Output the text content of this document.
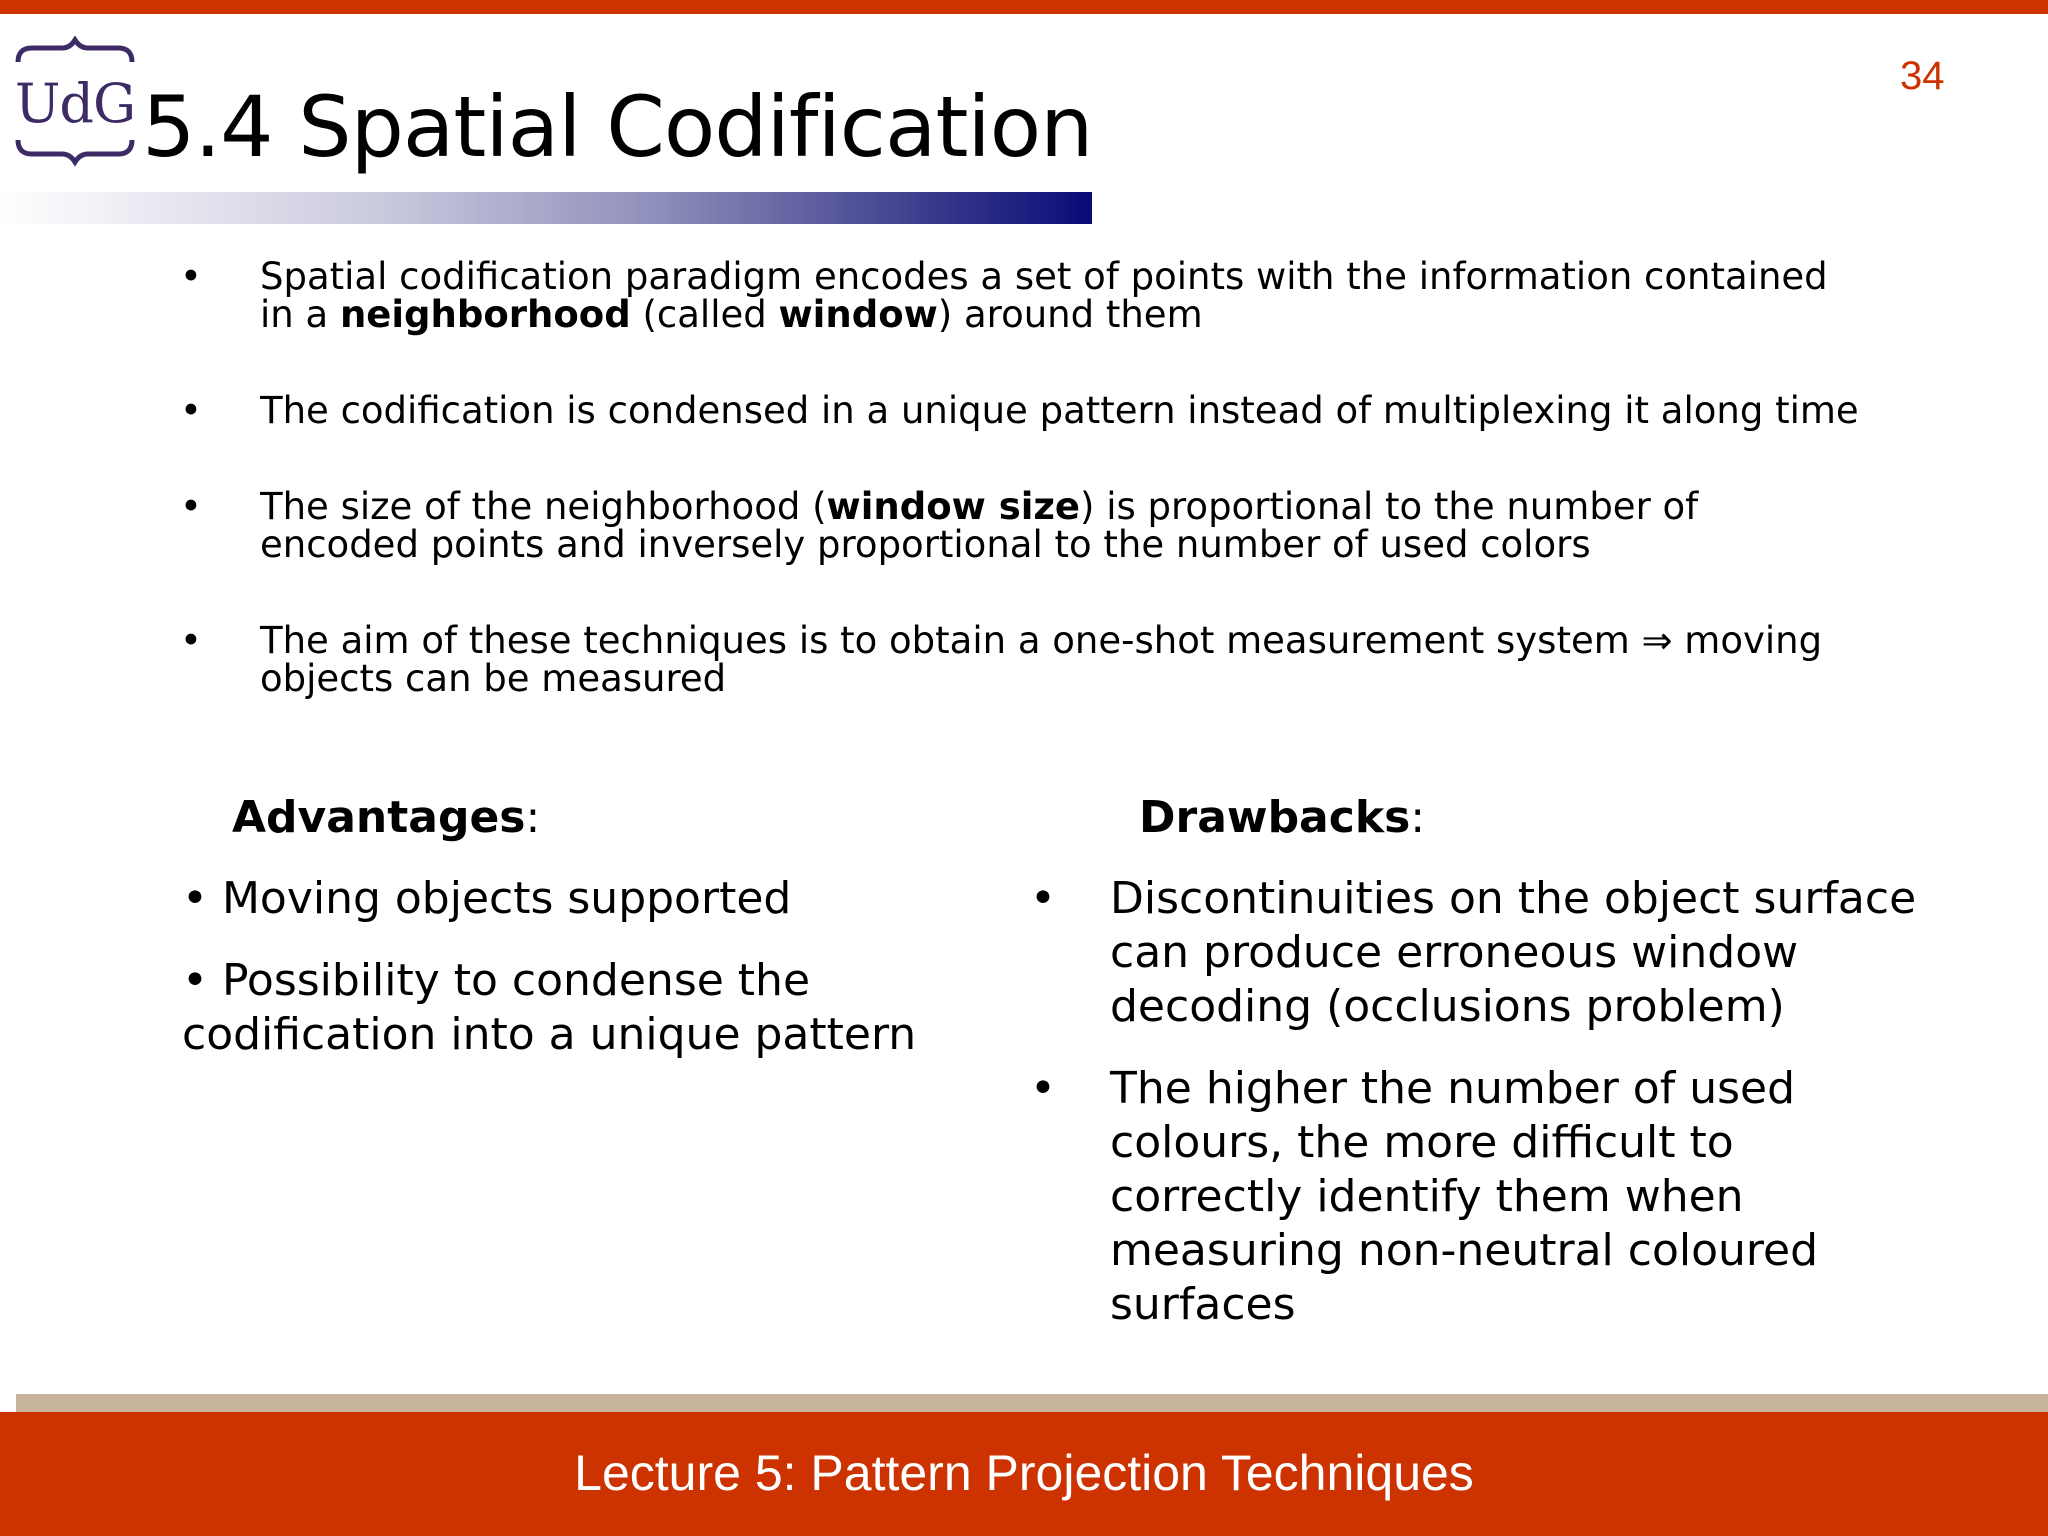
UdG 5.4 Spatial Codification
34
• Spatial codification paradigm encodes a set of points with the information contained in a neighborhood (called window) around them
• The codification is condensed in a unique pattern instead of multiplexing it along time
• The size of the neighborhood (window size) is proportional to the number of encoded points and inversely proportional to the number of used colors
• The aim of these techniques is to obtain a one-shot measurement system ⇒ moving objects can be measured
Advantages:
• Moving objects supported
• Possibility to condense the codification into a unique pattern
Drawbacks:
• Discontinuities on the object surface can produce erroneous window decoding (occlusions problem)
• The higher the number of used colours, the more difficult to correctly identify them when measuring non-neutral coloured surfaces
Lecture 5: Pattern Projection Techniques
